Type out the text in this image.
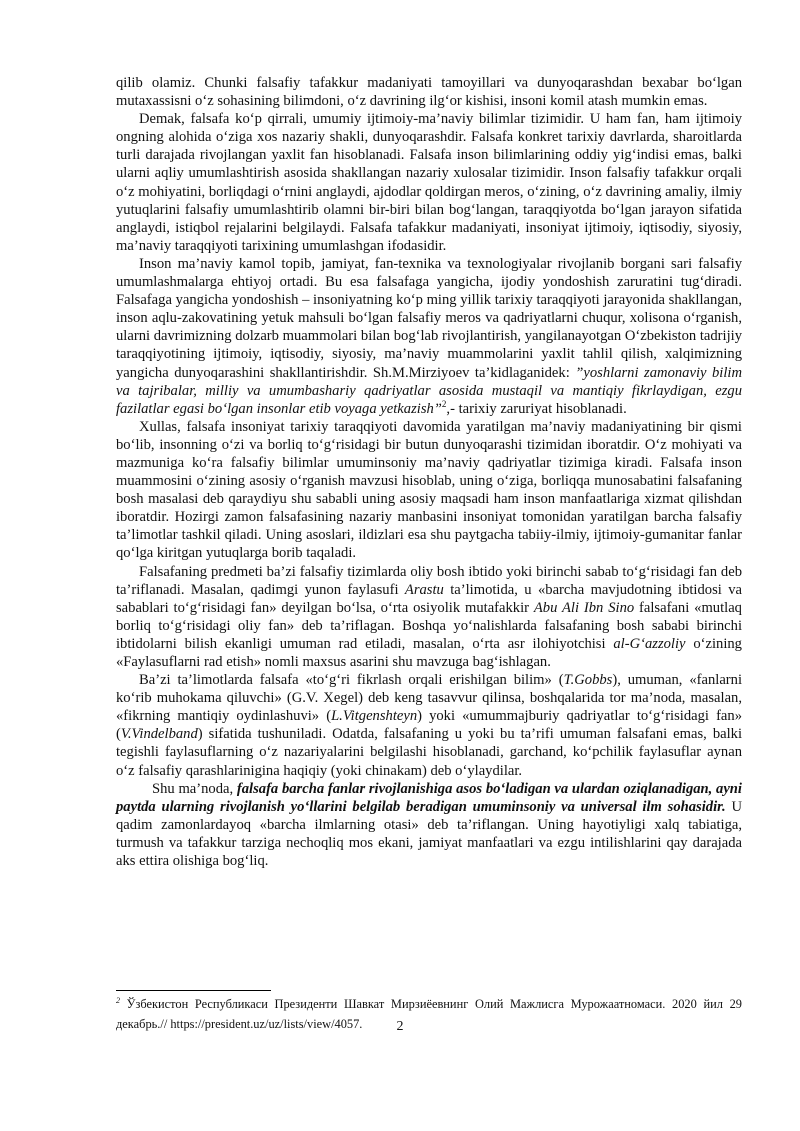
qilib olamiz. Chunki falsafiy tafakkur madaniyati tamoyillari va dunyoqarashdan bexabar bo‘lgan mutaxassisni o‘z sohasining bilimdoni, o‘z davrining ilg‘or kishisi, insoni komil atash mumkin emas.

Demak, falsafa ko‘p qirrali, umumiy ijtimoiy-ma’naviy bilimlar tizimidir. U ham fan, ham ijtimoiy ongning alohida o‘ziga xos nazariy shakli, dunyoqarashdir. Falsafa konkret tarixiy davrlarda, sharoitlarda turli darajada rivojlangan yaxlit fan hisoblanadi. Falsafa inson bilimlarining oddiy yig‘indisi emas, balki ularni aqliy umumlashtirish asosida shakllangan nazariy xulosalar tizimidir. Inson falsafiy tafakkur orqali o‘z mohiyatini, borliqdagi o‘rnini anglaydi, ajdodlar qoldirgan meros, o‘zining, o‘z davrining amaliy, ilmiy yutuqlarini falsafiy umumlashtirib olamni bir-biri bilan bog‘langan, taraqqiyotda bo‘lgan jarayon sifatida anglaydi, istiqbol rejalarini belgilaydi. Falsafa tafakkur madaniyati, insoniyat ijtimoiy, iqtisodiy, siyosiy, ma’naviy taraqqiyoti tarixining umumlashgan ifodasidir.

Inson ma’naviy kamol topib, jamiyat, fan-texnika va texnologiyalar rivojlanib borgani sari falsafiy umumlashmalarga ehtiyoj ortadi. Bu esa falsafaga yangicha, ijodiy yondoshish zaruratini tug‘diradi. Falsafaga yangicha yondoshish – insoniyatning ko‘p ming yillik tarixiy taraqqiyoti jarayonida shakllangan, inson aqlu-zakovatining yetuk mahsuli bo‘lgan falsafiy meros va qadriyatlarni chuqur, xolisona o‘rganish, ularni davrimizning dolzarb muammolari bilan bog‘lab rivojlantirish, yangilanayotgan O‘zbekiston tadrijiy taraqqiyotining ijtimoiy, iqtisodiy, siyosiy, ma’naviy muammolarini yaxlit tahlil qilish, xalqimizning yangicha dunyoqarashini shakllantirishdir. Sh.M.Mirziyoev ta’kidlaganidek: ”yoshlarni zamonaviy bilim va tajribalar, milliy va umumbashariy qadriyatlar asosida mustaqil va mantiqiy fikrlaydigan, ezgu fazilatlar egasi bo‘lgan insonlar etib voyaga yetkazish”$^2$,- tarixiy zaruriyat hisoblanadi.

Xullas, falsafa insoniyat tarixiy taraqqiyoti davomida yaratilgan ma’naviy madaniyatining bir qismi bo‘lib, insonning o‘zi va borliq to‘g‘risidagi bir butun dunyoqarashi tizimidan iboratdir. O‘z mohiyati va mazmuniga ko‘ra falsafiy bilimlar umuminsoniy ma’naviy qadriyatlar tizimiga kiradi. Falsafa inson muammosini o‘zining asosiy o‘rganish mavzusi hisoblab, uning o‘ziga, borliqqa munosabatini falsafaning bosh masalasi deb qaraydiyu shu sababli uning asosiy maqsadi ham inson manfaatlariga xizmat qilishdan iboratdir. Hozirgi zamon falsafasining nazariy manbasini insoniyat tomonidan yaratilgan barcha falsafiy ta’limotlar tashkil qiladi. Uning asoslari, ildizlari esa shu paytgacha tabiiy-ilmiy, ijtimoiy-gumanitar fanlar qo‘lga kiritgan yutuqlarga borib taqaladi.

Falsafaning predmeti ba’zi falsafiy tizimlarda oliy bosh ibtido yoki birinchi sabab to‘g‘risidagi fan deb ta’riflanadi. Masalan, qadimgi yunon faylasufi Arastu ta’limotida, u «barcha mavjudotning ibtidosi va sabablari to‘g‘risidagi fan» deyilgan bo‘lsa, o‘rta osiyolik mutafakkir Abu Ali Ibn Sino falsafani «mutlaq borliq to‘g‘risidagi oliy fan» deb ta’riflagan. Boshqa yo‘nalishlarda falsafaning bosh sababi birinchi ibtidolarni bilish ekanligi umuman rad etiladi, masalan, o‘rta asr ilohiyotchisi al-G‘azzoliy o‘zining «Faylasuflarni rad etish» nomli maxsus asarini shu mavzuga bag‘ishlagan.

Ba’zi ta’limotlarda falsafa «to‘g‘ri fikrlash orqali erishilgan bilim» (T.Gobbs), umuman, «fanlarni ko‘rib muhokama qiluvchi» (G.V. Xegel) deb keng tasavvur qilinsa, boshqalarida tor ma’noda, masalan, «fikrning mantiqiy oydinlashuvi» (L.Vitgenshteyn) yoki «umummajburiy qadriyatlar to‘g‘risidagi fan» (V.Vindelband) sifatida tushuniladi. Odatda, falsafaning u yoki bu ta’rifi umuman falsafani emas, balki tegishli faylasuflarning o‘z nazariyalarini belgilashi hisoblanadi, garchand, ko‘pchilik faylasuflar aynan o‘z falsafiy qarashlarinigina haqiqiy (yoki chinakam) deb o‘ylaydilar.

Shu ma’noda, falsafa barcha fanlar rivojlanishiga asos bo‘ladigan va ulardan oziqlanadigan, ayni paytda ularning rivojlanish yo‘llarini belgilab beradigan umuminsoniy va universal ilm sohasidir. U qadim zamonlardayoq «barcha ilmlarning otasi» deb ta’riflangan. Uning hayotiyligi xalq tabiatiga, turmush va tafakkur tarziga nechoqliq mos ekani, jamiyat manfaatlari va ezgu intilishlarini qay darajada aks ettira olishiga bog‘liq.

$^2$ Ўзбекистон Республикаси Президенти Шавкат Мирзиёевнинг Олий Мажлисга Мурожаатномаси. 2020 йил 29 декабрь.// https://president.uz/uz/lists/view/4057.	2
